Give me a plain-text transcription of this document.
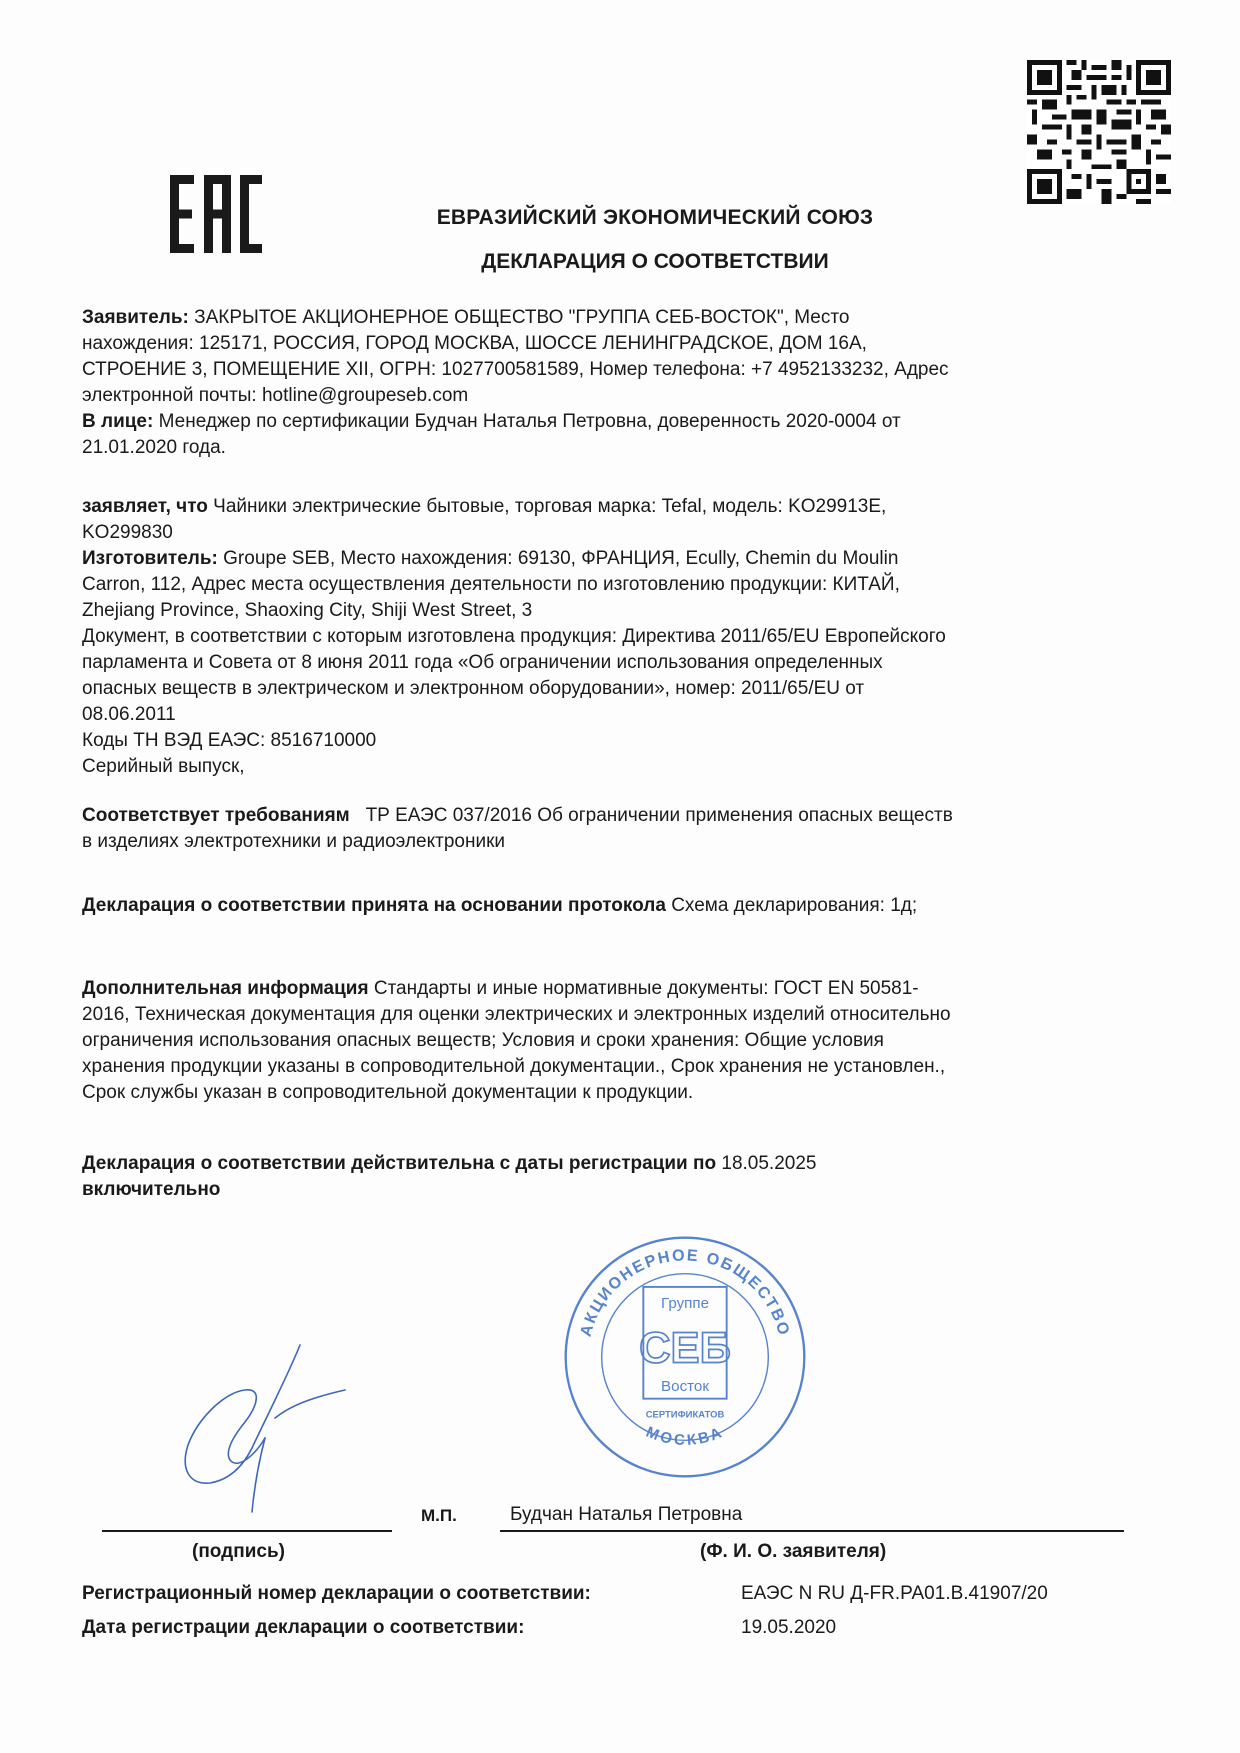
ЕВРАЗИЙСКИЙ ЭКОНОМИЧЕСКИЙ СОЮЗ
ДЕКЛАРАЦИЯ О СООТВЕТСТВИИ
Заявитель: ЗАКРЫТОЕ АКЦИОНЕРНОЕ ОБЩЕСТВО "ГРУППА СЕБ-ВОСТОК", Место
нахождения: 125171, РОССИЯ, ГОРОД МОСКВА, ШОССЕ ЛЕНИНГРАДСКОЕ, ДОМ 16А,
СТРОЕНИЕ 3, ПОМЕЩЕНИЕ XII, ОГРН: 1027700581589, Номер телефона: +7 4952133232, Адрес
электронной почты: hotline@groupeseb.com
В лице: Менеджер по сертификации Будчан Наталья Петровна, доверенность 2020-0004 от
21.01.2020 года.
заявляет, что Чайники электрические бытовые, торговая марка: Tefal, модель: KO29913E,
KO299830
Изготовитель: Groupe SEB, Место нахождения: 69130, ФРАНЦИЯ, Ecully, Chemin du Moulin
Carron, 112, Адрес места осуществления деятельности по изготовлению продукции: КИТАЙ,
Zhejiang Province, Shaoxing City, Shiji West Street, 3
Документ, в соответствии с которым изготовлена продукция: Директива 2011/65/EU Европейского
парламента и Совета от 8 июня 2011 года «Об ограничении использования определенных
опасных веществ в электрическом и электронном оборудовании», номер: 2011/65/EU от
08.06.2011
Коды ТН ВЭД ЕАЭС: 8516710000
Серийный выпуск,
Соответствует требованиям   ТР ЕАЭС 037/2016 Об ограничении применения опасных веществ
в изделиях электротехники и радиоэлектроники
Декларация о соответствии принята на основании протокола Схема декларирования: 1д;
Дополнительная информация Стандарты и иные нормативные документы: ГОСТ EN 50581-
2016, Техническая документация для оценки электрических и электронных изделий относительно
ограничения использования опасных веществ; Условия и сроки хранения: Общие условия
хранения продукции указаны в сопроводительной документации., Срок хранения не установлен.,
Срок службы указан в сопроводительной документации к продукции.
Декларация о соответствии действительна с даты регистрации по 18.05.2025
включительно
АКЦИОНЕРНОЕ ОБЩЕСТВО
МОСКВА
Группе
СЕБ
Восток
СЕРТИФИКАТОВ
(подпись)
М.П.	Будчан Наталья Петровна
(Ф. И. О. заявителя)
Регистрационный номер декларации о соответствии:	ЕАЭС N RU Д-FR.РА01.В.41907/20
Дата регистрации декларации о соответствии:	19.05.2020
